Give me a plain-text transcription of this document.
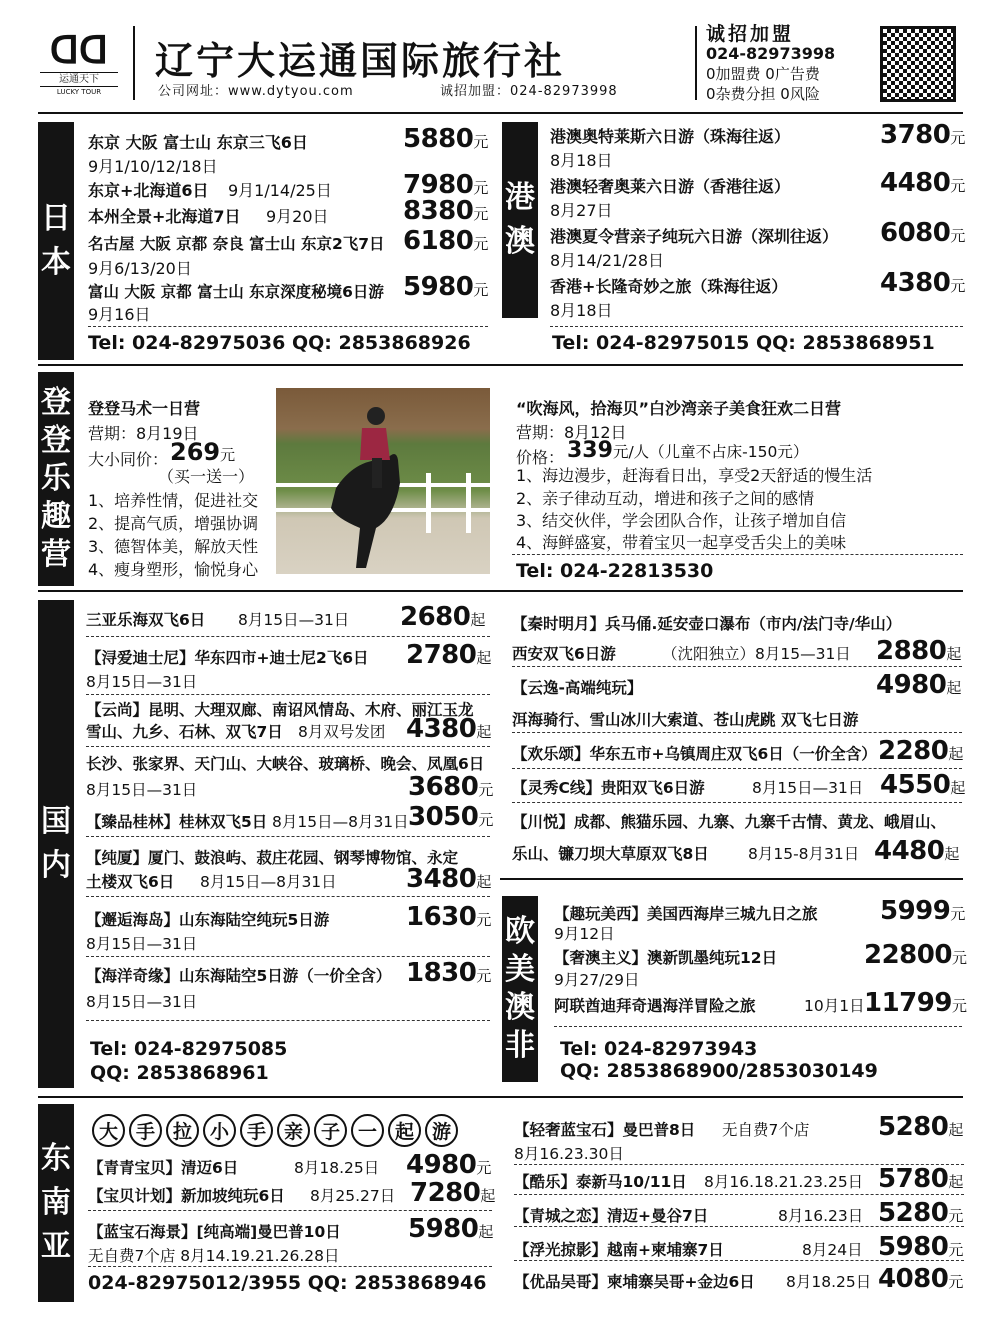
ᗡᗡ
运通天下
LUCKY TOUR
辽宁大运通国际旅行社
公司网址：www.dytyou.com	诚招加盟：024-82973998
诚招加盟
024-82973998
0加盟费 0广告费
0杂费分担 0风险
日
本
东京 大阪 富士山 东京三飞6日
9月1/10/12/18日
5880元
东京+北海道6日 9月1/14/25日	7980元
本州全景+北海道7日 9月20日	8380元
名古屋 大阪 京都 奈良 富士山 东京2飞7日
9月6/13/20日
6180元
富山 大阪 京都 富士山 东京深度秘境6日游
9月16日
5980元
Tel: 024-82975036 QQ: 2853868926
港
澳
港澳奥特莱斯六日游（珠海往返）
8月18日
3780元
港澳轻奢奥莱六日游（香港往返）
8月27日
4480元
港澳夏令营亲子纯玩六日游（深圳往返）
8月14/21/28日
6080元
香港+长隆奇妙之旅（珠海往返）
8月18日
4380元
Tel: 024-82975015 QQ: 2853868951
登
登
乐
趣
营
登登马术一日营
营期：8月19日
大小同价： 269元
（买一送一）
1、培养性情，促进社交
2、提高气质，增强协调
3、德智体美，解放天性
4、瘦身塑形，愉悦身心
“吹海风，拾海贝”白沙湾亲子美食狂欢二日营
营期：8月12日
价格： 339元/人（儿童不占床-150元）
1、海边漫步，赶海看日出，享受2天舒适的慢生活
2、亲子律动互动，增进和孩子之间的感情
3、结交伙伴，学会团队合作，让孩子增加自信
4、海鲜盛宴，带着宝贝一起享受舌尖上的美味
Tel: 024-22813530
国
内
三亚乐海双飞6日 8月15日—31日 2680起
【浔爱迪士尼】华东四市+迪士尼2飞6日
8月15日—31日
2780起
【云尚】昆明、大理双廊、南诏风情岛、木府、丽江玉龙
雪山、九乡、石林、双飞7日 8月双号发团 4380起
长沙、张家界、天门山、大峡谷、玻璃桥、晚会、凤凰6日
8月15日—31日	3680元
【臻品桂林】桂林双飞5日 8月15日—8月31日 3050元
【纯厦】厦门、鼓浪屿、菽庄花园、钢琴博物馆、永定
土楼双飞6日 8月15日—8月31日	3480起
【邂逅海岛】山东海陆空纯玩5日游
8月15日—31日
1630元
【海洋奇缘】山东海陆空5日游（一价全含）
8月15日—31日
1830元
Tel: 024-82975085
QQ: 2853868961
【秦时明月】兵马俑.延安壶口瀑布（市内/法门寺/华山）
西安双飞6日游	（沈阳独立）8月15—31日 2880起
【云逸-高端纯玩】	4980起
洱海骑行、雪山冰川大索道、苍山虎跳 双飞七日游
【欢乐颂】华东五市+乌镇周庄双飞6日（一价全含） 2280起
【灵秀C线】贵阳双飞6日游	8月15日—31日 4550起
【川悦】成都、熊猫乐园、九寨、九寨千古情、黄龙、峨眉山、
乐山、镰刀坝大草原双飞8日	8月15-8月31日 4480起
欧
美
澳
非
【趣玩美西】美国西海岸三城九日之旅
9月12日
5999元
【奢澳主义】澳新凯墨纯玩12日
9月27/29日
22800元
阿联酋迪拜奇遇海洋冒险之旅	10月1日 11799元
Tel: 024-82973943
QQ: 2853868900/2853030149
东
南
亚
大 手 拉 小 手 亲 子 一 起 游
【青青宝贝】清迈6日	8月18.25日 4980元
【宝贝计划】新加坡纯玩6日 8月25.27日 7280起
【蓝宝石海景】[纯高端]曼巴普10日
无自费7个店 8月14.19.21.26.28日
5980起
024-82975012/3955 QQ: 2853868946
【轻奢蓝宝石】曼巴普8日 无自费7个店
8月16.23.30日
5280起
【酷乐】泰新马10/11日 8月16.18.21.23.25日 5780起
【青城之恋】清迈+曼谷7日	8月16.23日 5280元
【浮光掠影】越南+柬埔寨7日	8月24日 5980元
【优品吴哥】柬埔寨吴哥+金边6日 8月18.25日 4080元
